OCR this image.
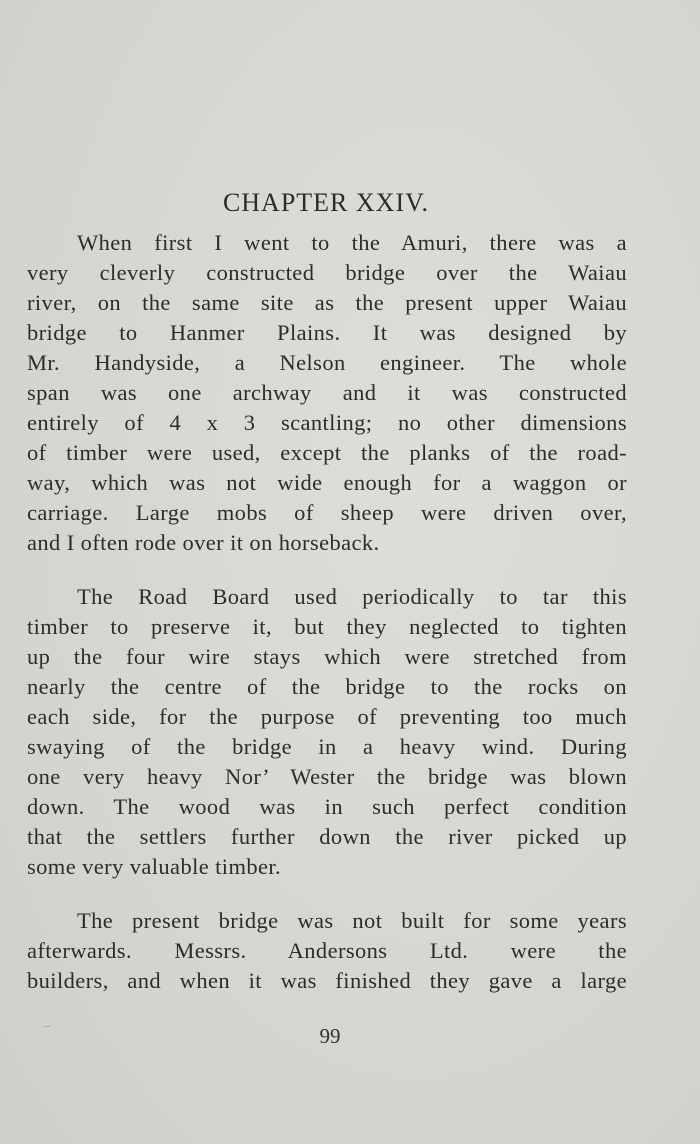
CHAPTER XXIV.
When first I went to the Amuri, there was a
very cleverly constructed bridge over the Waiau
river, on the same site as the present upper Waiau
bridge to Hanmer Plains. It was designed by
Mr. Handyside, a Nelson engineer. The whole
span was one archway and it was constructed
entirely of 4 x 3 scantling; no other dimensions
of timber were used, except the planks of the road-
way, which was not wide enough for a waggon or
carriage. Large mobs of sheep were driven over,
and I often rode over it on horseback.
The Road Board used periodically to tar this
timber to preserve it, but they neglected to tighten
up the four wire stays which were stretched from
nearly the centre of the bridge to the rocks on
each side, for the purpose of preventing too much
swaying of the bridge in a heavy wind. During
one very heavy Nor’ Wester the bridge was blown
down. The wood was in such perfect condition
that the settlers further down the river picked up
some very valuable timber.
The present bridge was not built for some years
afterwards. Messrs. Andersons Ltd. were the
builders, and when it was finished they gave a large
99
